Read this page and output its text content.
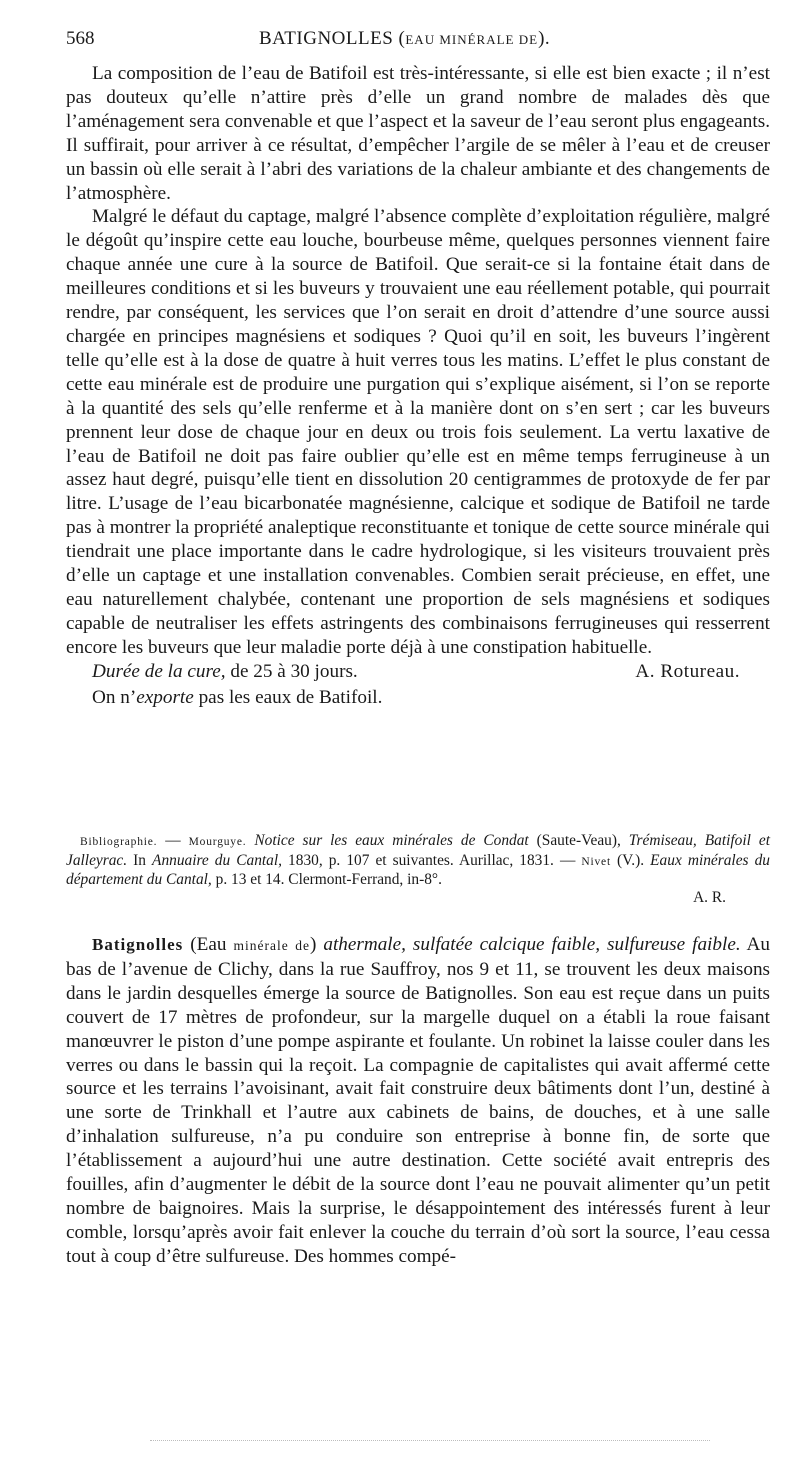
568	BATIGNOLLES (EAU MINÉRALE DE).

La composition de l’eau de Batifoil est très-intéressante, si elle est bien exacte ; il n’est pas douteux qu’elle n’attire près d’elle un grand nombre de malades dès que l’aménagement sera convenable et que l’aspect et la saveur de l’eau seront plus engageants. Il suffirait, pour arriver à ce résultat, d’empêcher l’argile de se mêler à l’eau et de creuser un bassin où elle serait à l’abri des variations de la chaleur ambiante et des changements de l’atmosphère.

Malgré le défaut du captage, malgré l’absence complète d’exploitation régulière, malgré le dégoût qu’inspire cette eau louche, bourbeuse même, quelques personnes viennent faire chaque année une cure à la source de Batifoil. Que serait-ce si la fontaine était dans de meilleures conditions et si les buveurs y trouvaient une eau réellement potable, qui pourrait rendre, par conséquent, les services que l’on serait en droit d’attendre d’une source aussi chargée en principes magnésiens et sodiques ? Quoi qu’il en soit, les buveurs l’ingèrent telle qu’elle est à la dose de quatre à huit verres tous les matins. L’effet le plus constant de cette eau minérale est de produire une purgation qui s’explique aisément, si l’on se reporte à la quantité des sels qu’elle renferme et à la manière dont on s’en sert ; car les buveurs prennent leur dose de chaque jour en deux ou trois fois seulement. La vertu laxative de l’eau de Batifoil ne doit pas faire oublier qu’elle est en même temps ferrugineuse à un assez haut degré, puisqu’elle tient en dissolution 20 centigrammes de protoxyde de fer par litre. L’usage de l’eau bicarbonatée magnésienne, calcique et sodique de Batifoil ne tarde pas à montrer la propriété analeptique reconstituante et tonique de cette source minérale qui tiendrait une place importante dans le cadre hydrologique, si les visiteurs trouvaient près d’elle un captage et une installation convenables. Combien serait précieuse, en effet, une eau naturellement chalybée, contenant une proportion de sels magnésiens et sodiques capable de neutraliser les effets astringents des combinaisons ferrugineuses qui resserrent encore les buveurs que leur maladie porte déjà à une constipation habituelle.

Durée de la cure, de 25 à 30 jours.	A. Rotureau.
On n’exporte pas les eaux de Batifoil.

Bibliographie. — Mourguye. Notice sur les eaux minérales de Condat (Saute-Veau), Trémiseau, Batifoil et Jalleyrac. In Annuaire du Cantal, 1830, p. 107 et suivantes. Aurillac, 1831. — Nivet (V.). Eaux minérales du département du Cantal, p. 13 et 14. Clermont-Ferrand, in-8°.

A. R.

Batignolles (Eau minérale de) athermale, sulfatée calcique faible, sulfureuse faible. Au bas de l’avenue de Clichy, dans la rue Sauffroy, nos 9 et 11, se trouvent les deux maisons dans le jardin desquelles émerge la source de Batignolles. Son eau est reçue dans un puits couvert de 17 mètres de profondeur, sur la margelle duquel on a établi la roue faisant manœuvrer le piston d’une pompe aspirante et foulante. Un robinet la laisse couler dans les verres ou dans le bassin qui la reçoit. La compagnie de capitalistes qui avait affermé cette source et les terrains l’avoisinant, avait fait construire deux bâtiments dont l’un, destiné à une sorte de Trinkhall et l’autre aux cabinets de bains, de douches, et à une salle d’inhalation sulfureuse, n’a pu conduire son entreprise à bonne fin, de sorte que l’établissement a aujourd’hui une autre destination. Cette société avait entrepris des fouilles, afin d’augmenter le débit de la source dont l’eau ne pouvait alimenter qu’un petit nombre de baignoires. Mais la surprise, le désappointement des intéressés furent à leur comble, lorsqu’après avoir fait enlever la couche du terrain d’où sort la source, l’eau cessa tout à coup d’être sulfureuse. Des hommes compé-
